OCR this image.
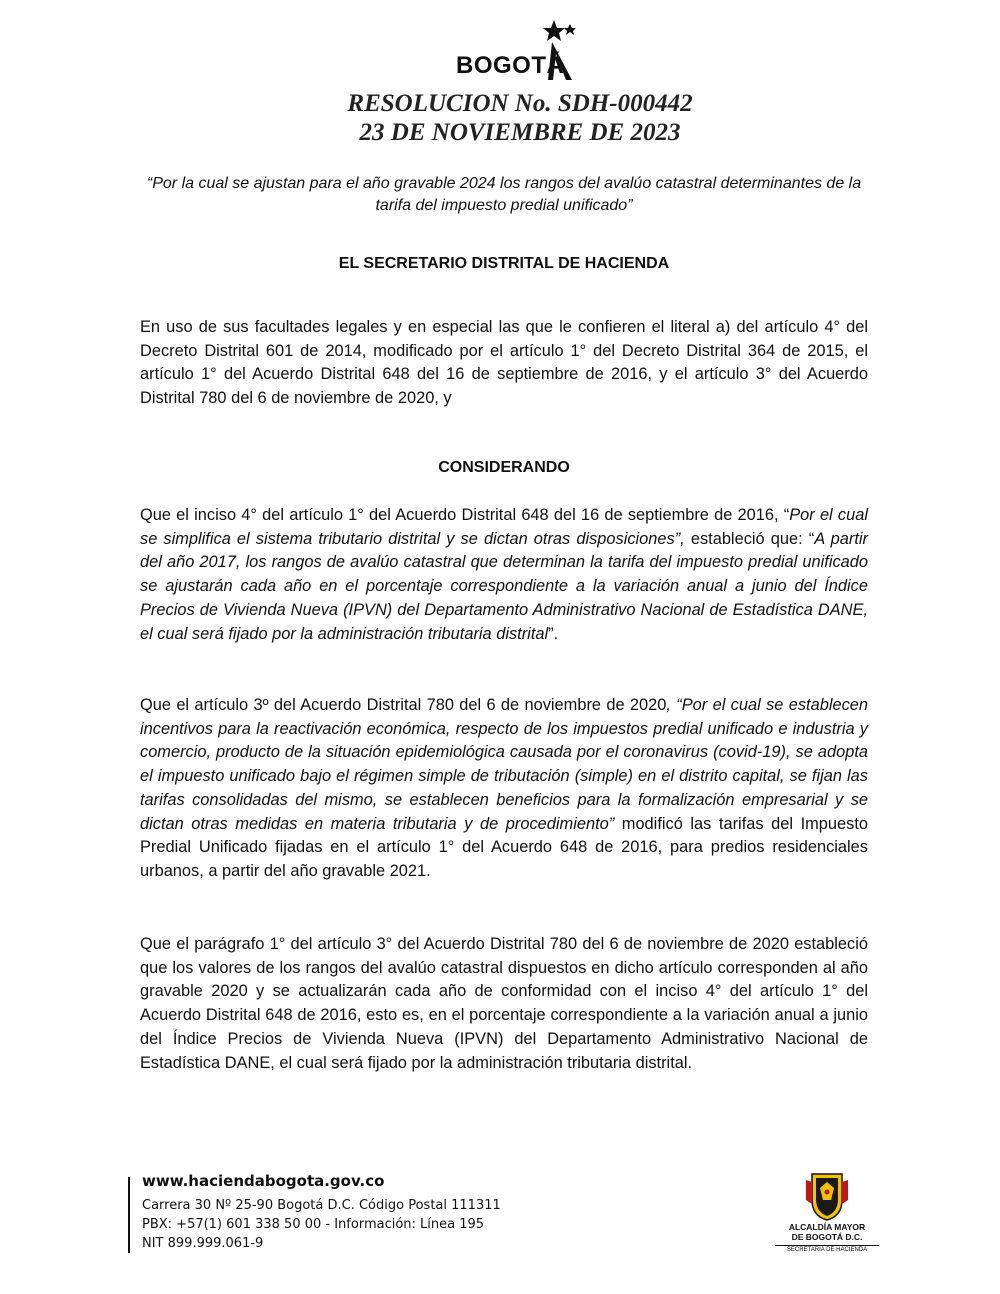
BOGOTÁ
RESOLUCION No. SDH-000442
23 DE NOVIEMBRE DE 2023
“Por la cual se ajustan para el año gravable 2024 los rangos del avalúo catastral determinantes de la tarifa del impuesto predial unificado”
EL SECRETARIO DISTRITAL DE HACIENDA
En uso de sus facultades legales y en especial las que le confieren el literal a) del artículo 4° del Decreto Distrital 601 de 2014, modificado por el artículo 1° del Decreto Distrital 364 de 2015, el artículo 1° del Acuerdo Distrital 648 del 16 de septiembre de 2016, y el artículo 3° del Acuerdo Distrital 780 del 6 de noviembre de 2020, y
CONSIDERANDO
Que el inciso 4° del artículo 1° del Acuerdo Distrital 648 del 16 de septiembre de 2016, “Por el cual se simplifica el sistema tributario distrital y se dictan otras disposiciones”, estableció que: “A partir del año 2017, los rangos de avalúo catastral que determinan la tarifa del impuesto predial unificado se ajustarán cada año en el porcentaje correspondiente a la variación anual a junio del Índice Precios de Vivienda Nueva (IPVN) del Departamento Administrativo Nacional de Estadística DANE, el cual será fijado por la administración tributaria distrital”.
Que el artículo 3º del Acuerdo Distrital 780 del 6 de noviembre de 2020, “Por el cual se establecen incentivos para la reactivación económica, respecto de los impuestos predial unificado e industria y comercio, producto de la situación epidemiológica causada por el coronavirus (covid-19), se adopta el impuesto unificado bajo el régimen simple de tributación (simple) en el distrito capital, se fijan las tarifas consolidadas del mismo, se establecen beneficios para la formalización empresarial y se dictan otras medidas en materia tributaria y de procedimiento” modificó las tarifas del Impuesto Predial Unificado fijadas en el artículo 1° del Acuerdo 648 de 2016, para predios residenciales urbanos, a partir del año gravable 2021.
Que el parágrafo 1° del artículo 3° del Acuerdo Distrital 780 del 6 de noviembre de 2020 estableció que los valores de los rangos del avalúo catastral dispuestos en dicho artículo corresponden al año gravable 2020 y se actualizarán cada año de conformidad con el inciso 4° del artículo 1° del Acuerdo Distrital 648 de 2016, esto es, en el porcentaje correspondiente a la variación anual a junio del Índice Precios de Vivienda Nueva (IPVN) del Departamento Administrativo Nacional de Estadística DANE, el cual será fijado por la administración tributaria distrital.
www.haciendabogota.gov.co
Carrera 30 Nº 25-90 Bogotá D.C. Código Postal 111311
PBX: +57(1) 601 338 50 00 - Información: Línea 195
NIT 899.999.061-9
ALCALDÍA MAYOR
DE BOGOTÁ D.C.
SECRETARIA DE HACIENDA
